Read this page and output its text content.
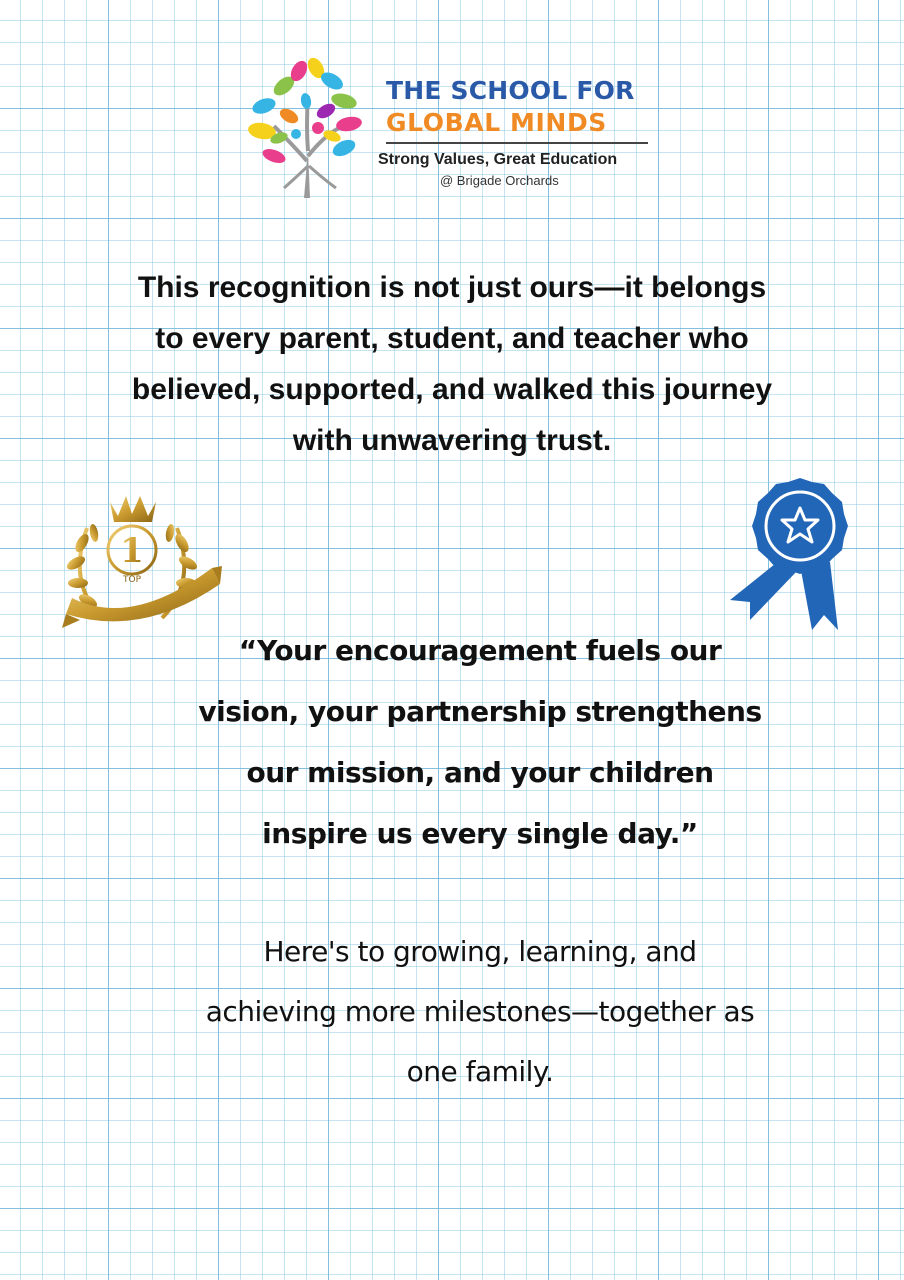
THE SCHOOL FOR
GLOBAL MINDS
Strong Values, Great Education
@ Brigade Orchards

This recognition is not just ours—it belongs to every parent, student, and teacher who believed, supported, and walked this journey with unwavering trust.

1
TOP

“Your encouragement fuels our vision, your partnership strengthens our mission, and your children inspire us every single day.”

Here's to growing, learning, and achieving more milestones—together as one family.
